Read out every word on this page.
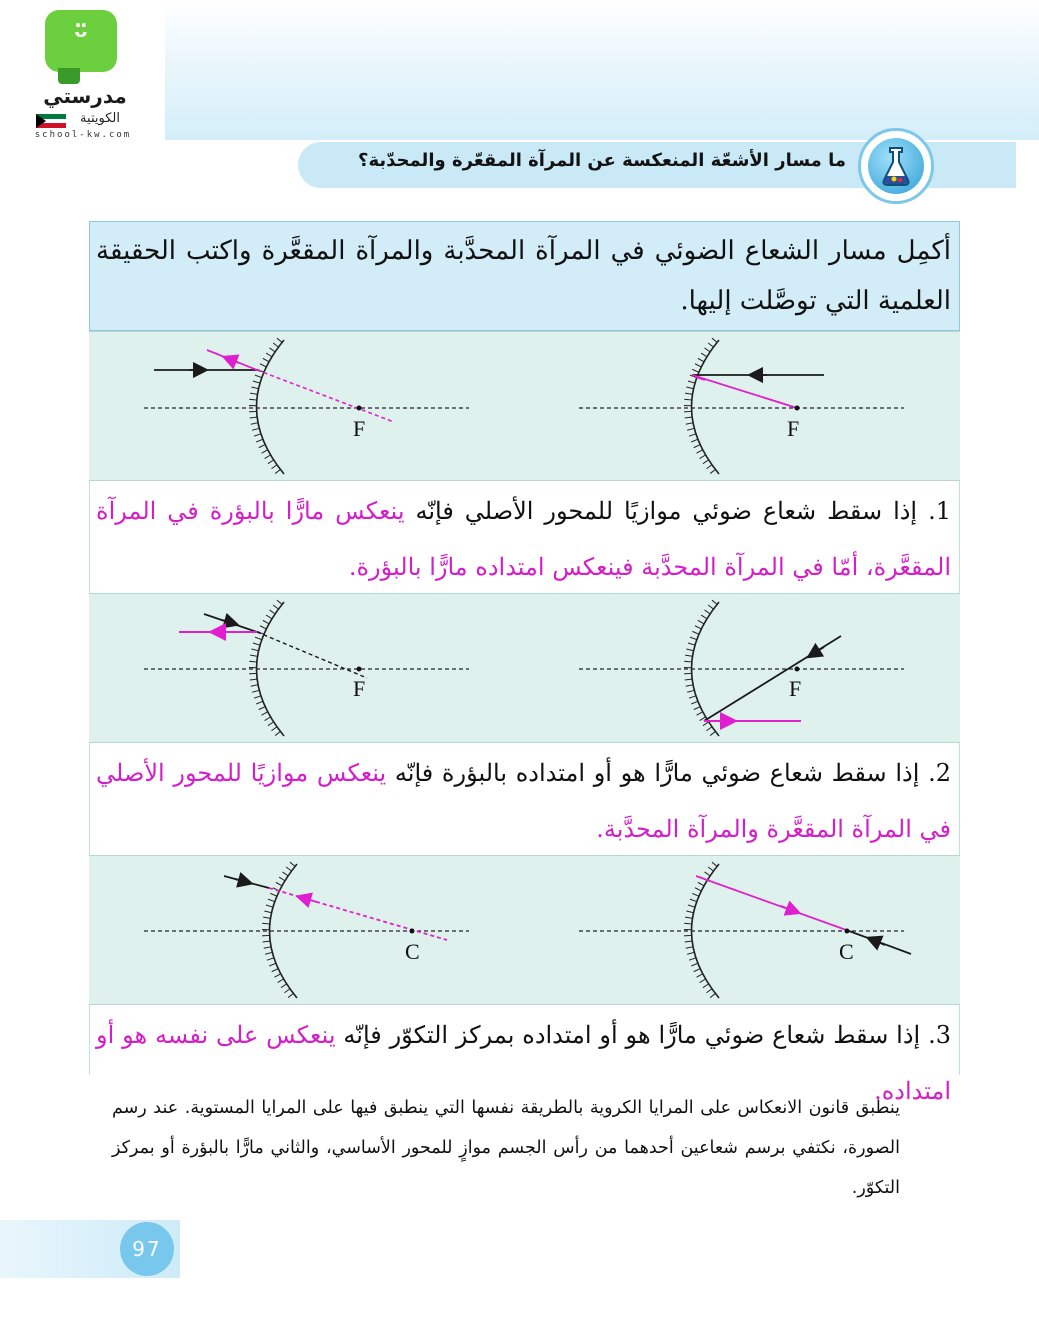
ᵕ̈
مدرستي
الكويتية
school-kw.com
ما مسار الأشعّة المنعكسة عن المرآة المقعّرة والمحدّبة؟

أكمِل مسار الشعاع الضوئي في المرآة المحدَّبة والمرآة المقعَّرة واكتب الحقيقة العلمية التي توصَّلت إليها.

F	F

1. إذا سقط شعاع ضوئي موازيًا للمحور الأصلي فإنّه ينعكس مارًّا بالبؤرة في المرآة المقعَّرة، أمّا في المرآة المحدَّبة فينعكس امتداده مارًّا بالبؤرة.

F	F

2. إذا سقط شعاع ضوئي مارًّا هو أو امتداده بالبؤرة فإنّه ينعكس موازيًا للمحور الأصلي في المرآة المقعَّرة والمرآة المحدَّبة.

C	C

3. إذا سقط شعاع ضوئي مارًّا هو أو امتداده بمركز التكوّر فإنّه ينعكس على نفسه هو أو امتداده.

ينطبق قانون الانعكاس على المرايا الكروية بالطريقة نفسها التي ينطبق فيها على المرايا المستوية. عند رسم الصورة، نكتفي برسم شعاعين أحدهما من رأس الجسم موازٍ للمحور الأساسي، والثاني مارًّا بالبؤرة أو بمركز التكوّر.

97
